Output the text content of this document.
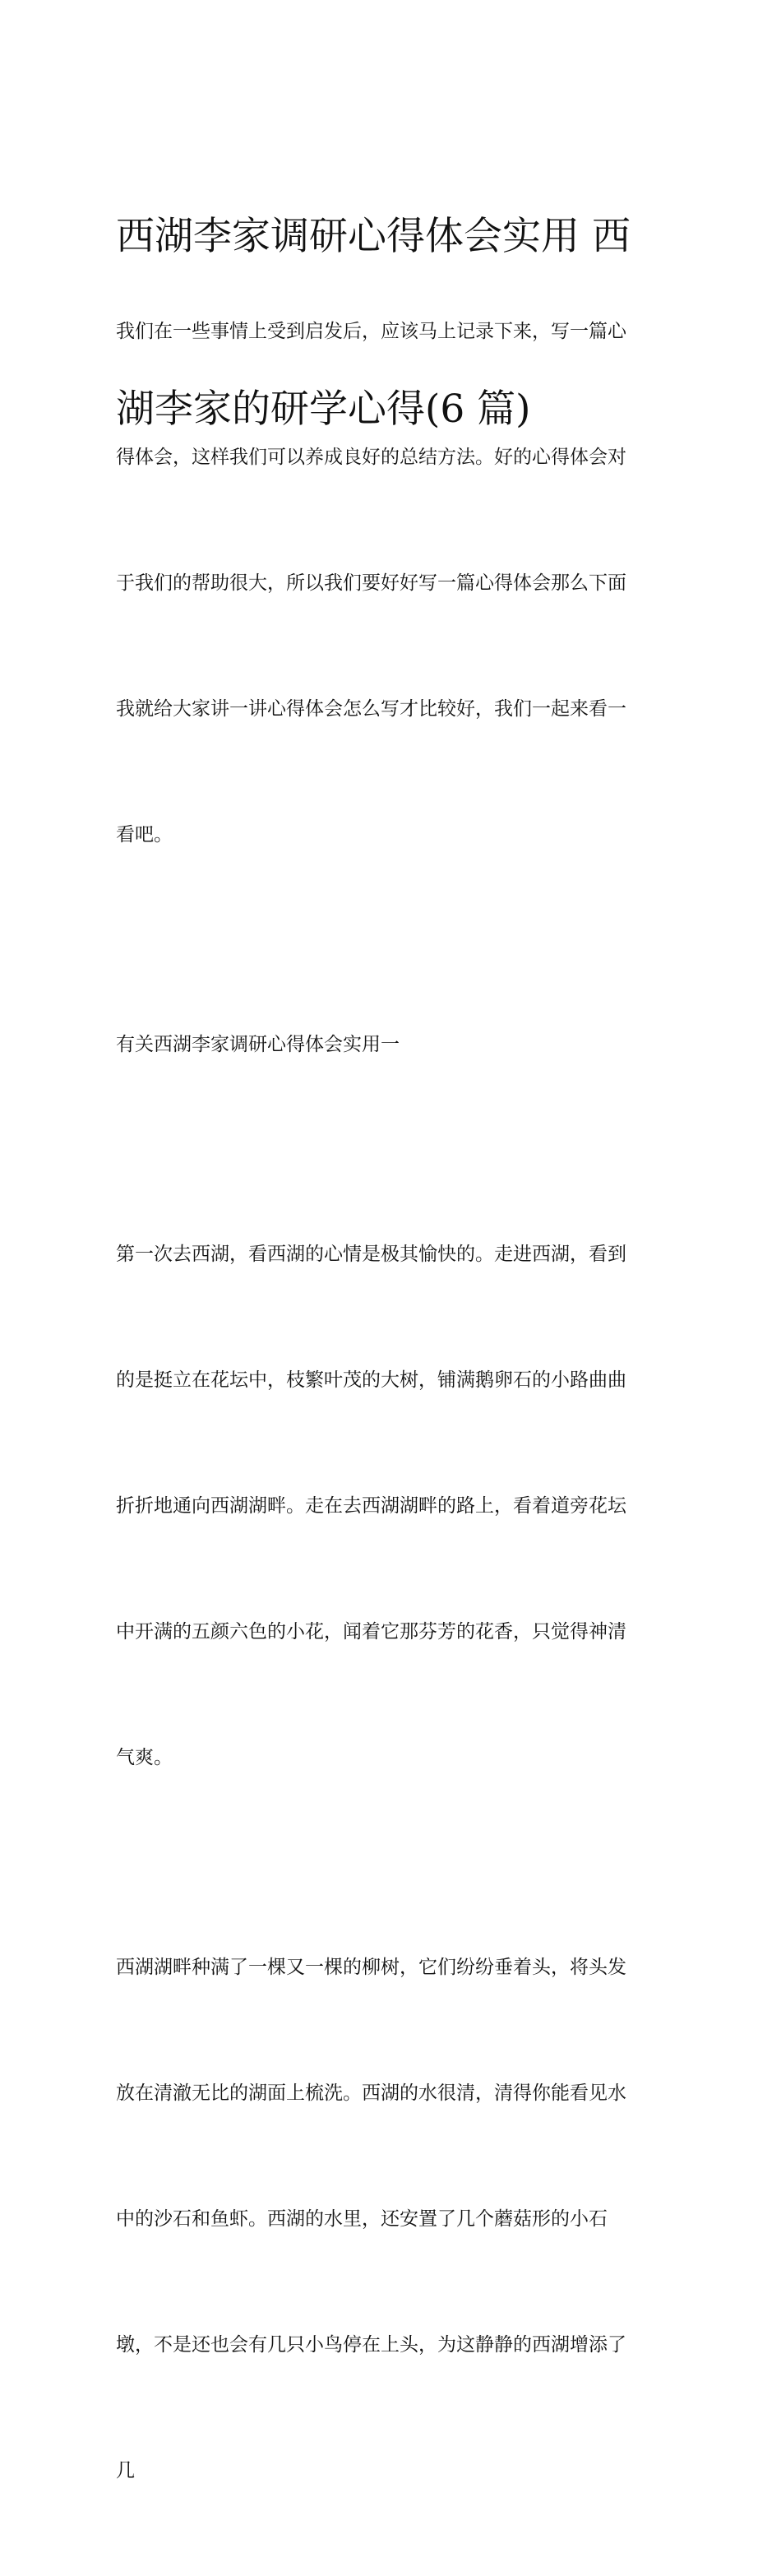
西湖李家调研心得体会实用 西

湖李家的研学心得(6 篇)

我们在一些事情上受到启发后，应该马上记录下来，写一篇心

得体会，这样我们可以养成良好的总结方法。好的心得体会对

于我们的帮助很大，所以我们要好好写一篇心得体会那么下面

我就给大家讲一讲心得体会怎么写才比较好，我们一起来看一

看吧。

有关西湖李家调研心得体会实用一

第一次去西湖，看西湖的心情是极其愉快的。走进西湖，看到

的是挺立在花坛中，枝繁叶茂的大树，铺满鹅卵石的小路曲曲

折折地通向西湖湖畔。走在去西湖湖畔的路上，看着道旁花坛

中开满的五颜六色的小花，闻着它那芬芳的花香，只觉得神清

气爽。

西湖湖畔种满了一棵又一棵的柳树，它们纷纷垂着头，将头发

放在清澈无比的湖面上梳洗。西湖的水很清，清得你能看见水

中的沙石和鱼虾。西湖的水里，还安置了几个蘑菇形的小石

墩，不是还也会有几只小鸟停在上头，为这静静的西湖增添了

几
